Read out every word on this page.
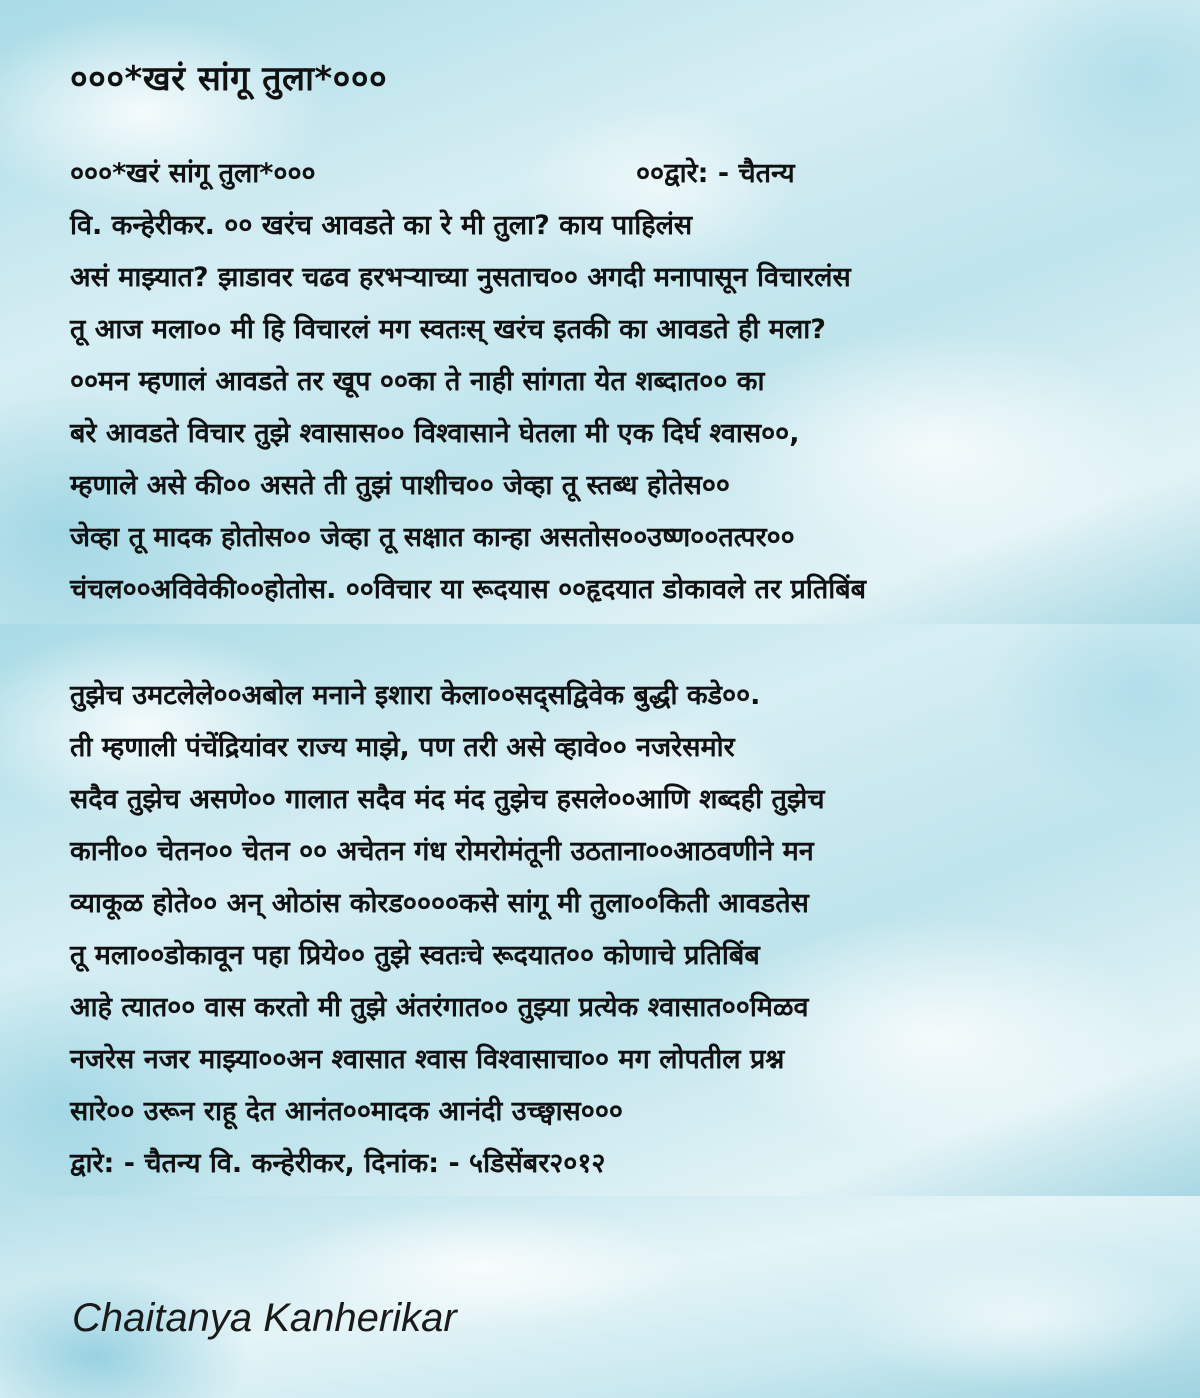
०००*खरं सांगू तुला*०००
०००*खरं सांगू तुला*०००	००द्वारे: - चैतन्य
वि. कन्हेरीकर. ०० खरंच आवडते का रे मी तुला? काय पाहिलंस
असं माझ्यात? झाडावर चढव हरभऱ्याच्या नुसताच०० अगदी मनापासून विचारलंस
तू आज मला०० मी हि विचारलं मग स्वतःस् खरंच इतकी का आवडते ही मला?
००मन म्हणालं आवडते तर खूप ००का ते नाही सांगता येत शब्दात०० का
बरे आवडते विचार तुझे श्वासास०० विश्वासाने घेतला मी एक दिर्घ श्वास००,
म्हणाले असे की०० असते ती तुझं पाशीच०० जेव्हा तू स्तब्ध होतेस००
जेव्हा तू मादक होतोस०० जेव्हा तू सक्षात कान्हा असतोस००उष्ण००तत्पर००
चंचल००अविवेकी००होतोस. ००विचार या रूदयास ००हृदयात डोकावले तर प्रतिबिंब
तुझेच उमटलेले००अबोल मनाने इशारा केला००सद्सद्विवेक बुद्धी कडे००.
ती म्हणाली पंचेंद्रियांवर राज्य माझे, पण तरी असे व्हावे०० नजरेसमोर
सदैव तुझेच असणे०० गालात सदैव मंद मंद तुझेच हसले००आणि शब्दही तुझेच
कानी०० चेतन०० चेतन ०० अचेतन गंध रोमरोमंतूनी उठताना००आठवणीने मन
व्याकूळ होते०० अन् ओठांस कोरड००००कसे सांगू मी तुला००किती आवडतेस
तू मला००डोकावून पहा प्रिये०० तुझे स्वतःचे रूदयात०० कोणाचे प्रतिबिंब
आहे त्यात०० वास करतो मी तुझे अंतरंगात०० तुझ्या प्रत्येक श्वासात००मिळव
नजरेस नजर माझ्या००अन श्वासात श्वास विश्वासाचा०० मग लोपतील प्रश्न
सारे०० उरून राहू देत आनंत००मादक आनंदी उच्छ्वास०००
द्वारे: - चैतन्य वि. कन्हेरीकर, दिनांक: - ५डिसेंबर२०१२
Chaitanya Kanherikar
